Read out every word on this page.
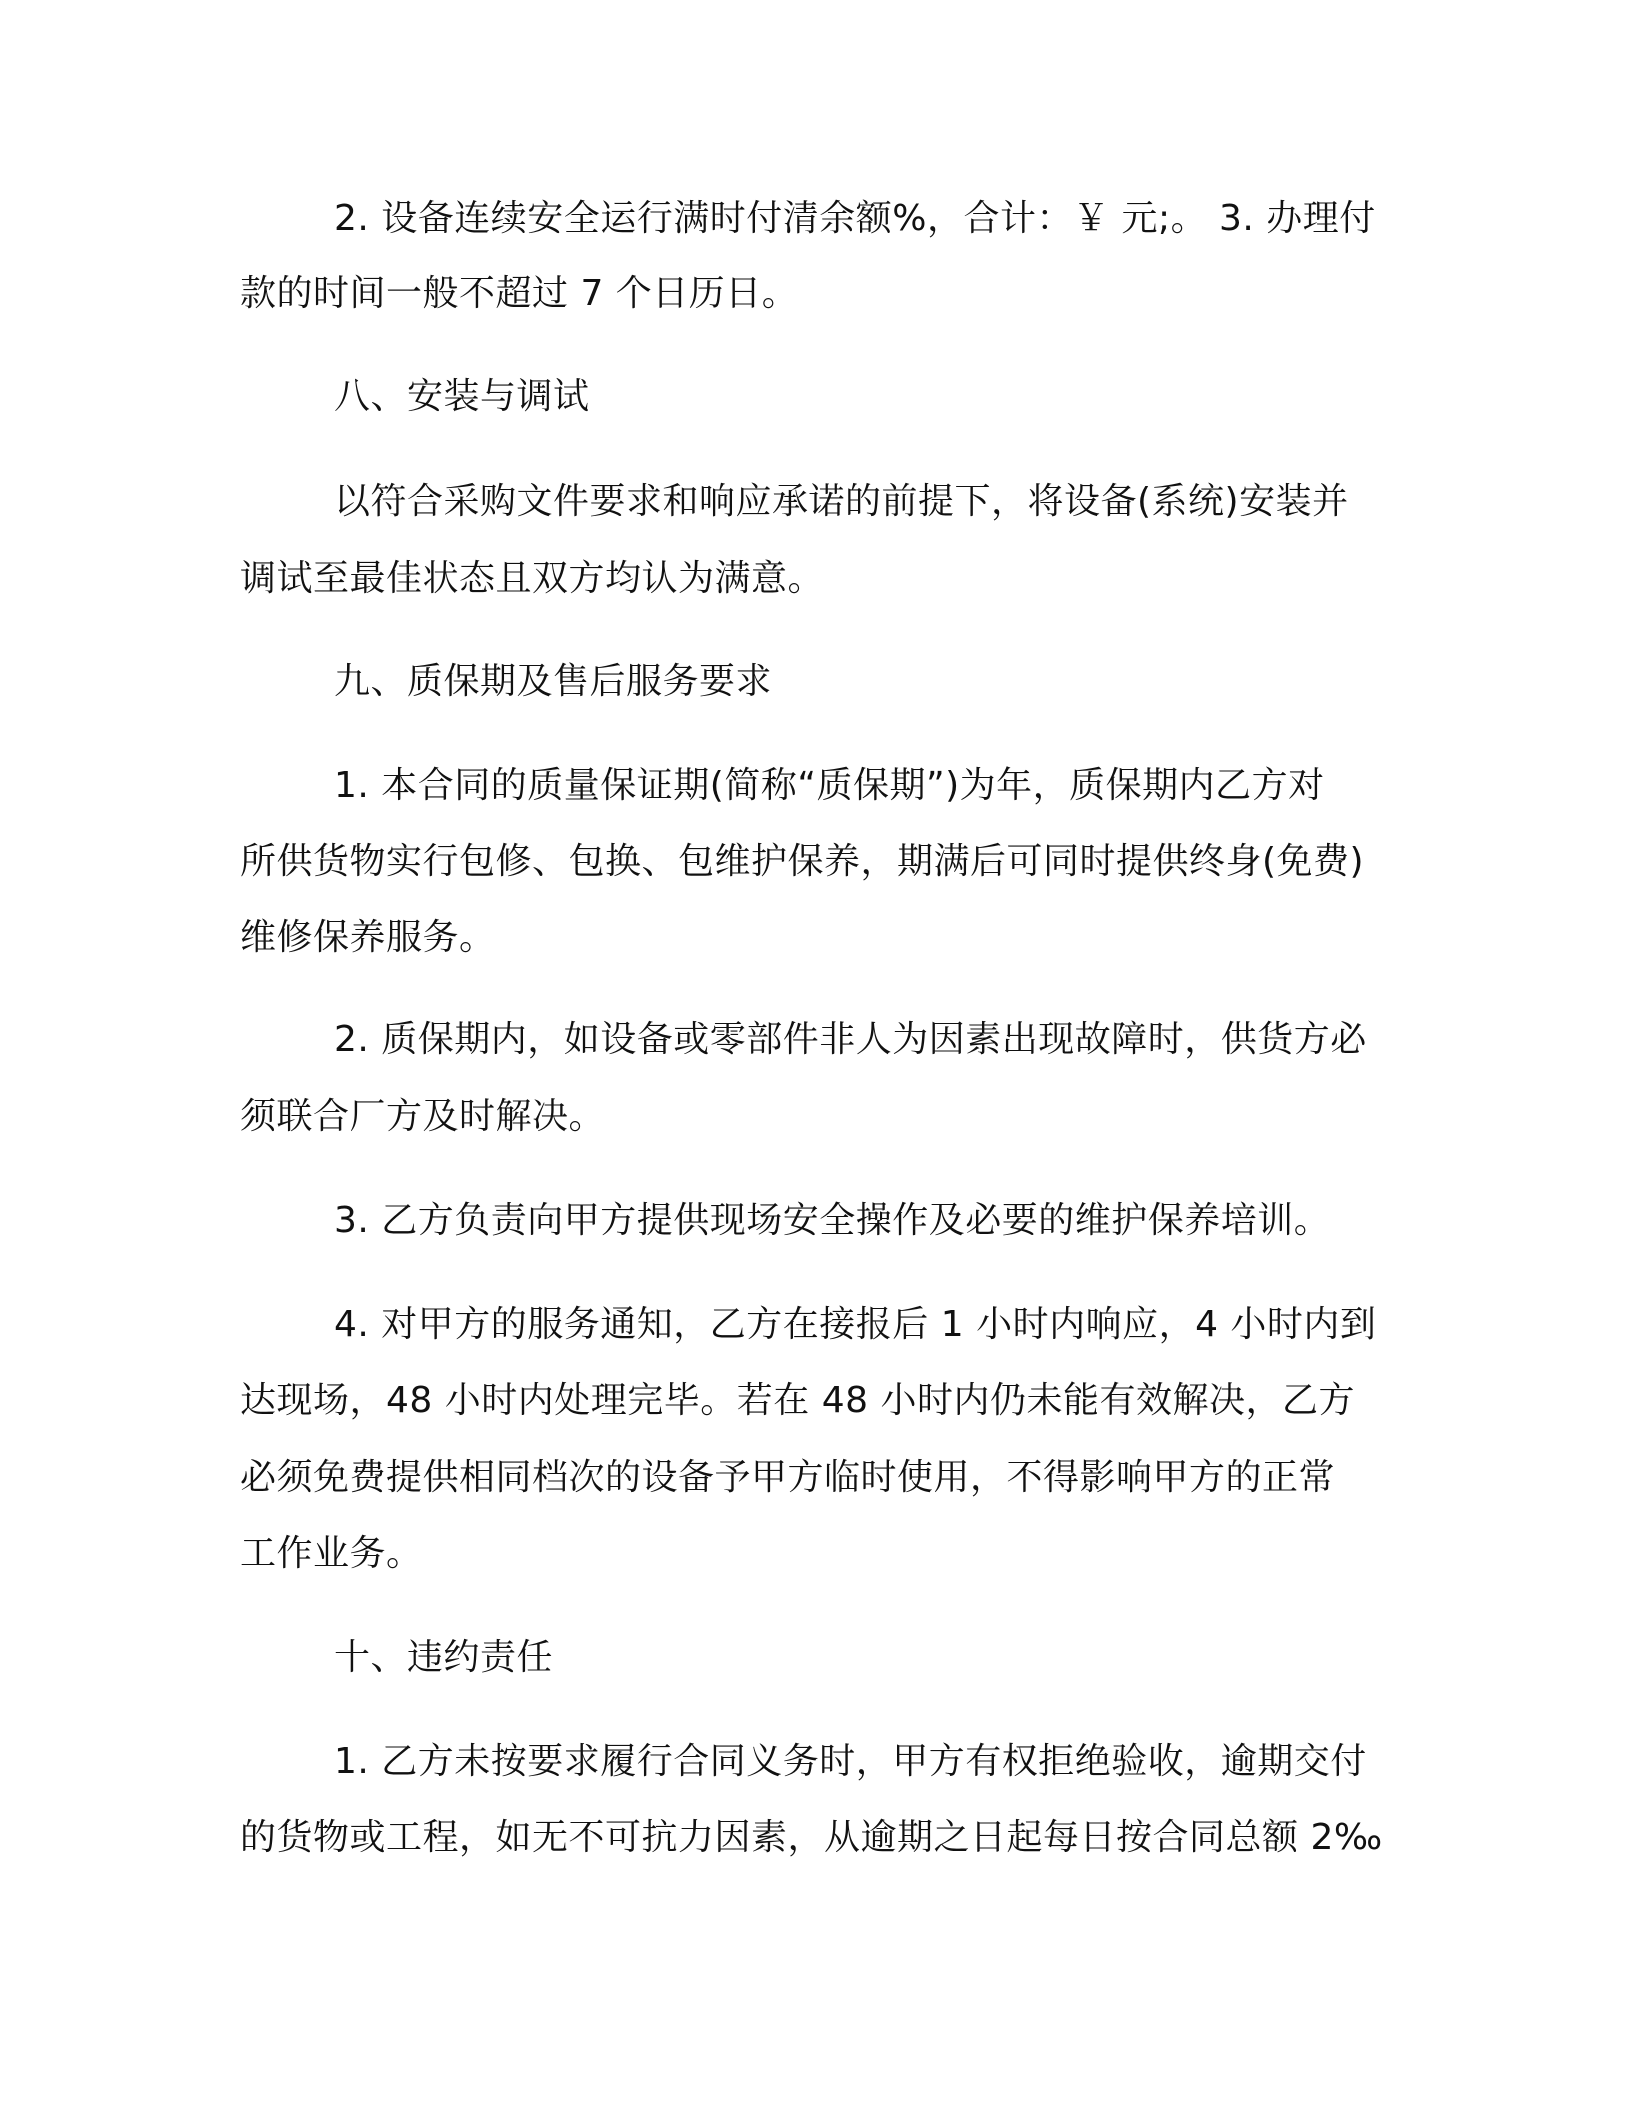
2. 设备连续安全运行满时付清余额%，合计：￥ 元;。 3. 办理付
款的时间一般不超过 7 个日历日。
八、安装与调试
以符合采购文件要求和响应承诺的前提下，将设备(系统)安装并
调试至最佳状态且双方均认为满意。
九、质保期及售后服务要求
1. 本合同的质量保证期(简称“质保期”)为年，质保期内乙方对
所供货物实行包修、包换、包维护保养，期满后可同时提供终身(免费)
维修保养服务。
2. 质保期内，如设备或零部件非人为因素出现故障时，供货方必
须联合厂方及时解决。
3. 乙方负责向甲方提供现场安全操作及必要的维护保养培训。
4. 对甲方的服务通知，乙方在接报后 1 小时内响应，4 小时内到
达现场，48 小时内处理完毕。若在 48 小时内仍未能有效解决，乙方
必须免费提供相同档次的设备予甲方临时使用，不得影响甲方的正常
工作业务。
十、违约责任
1. 乙方未按要求履行合同义务时，甲方有权拒绝验收，逾期交付
的货物或工程，如无不可抗力因素，从逾期之日起每日按合同总额 2‰
